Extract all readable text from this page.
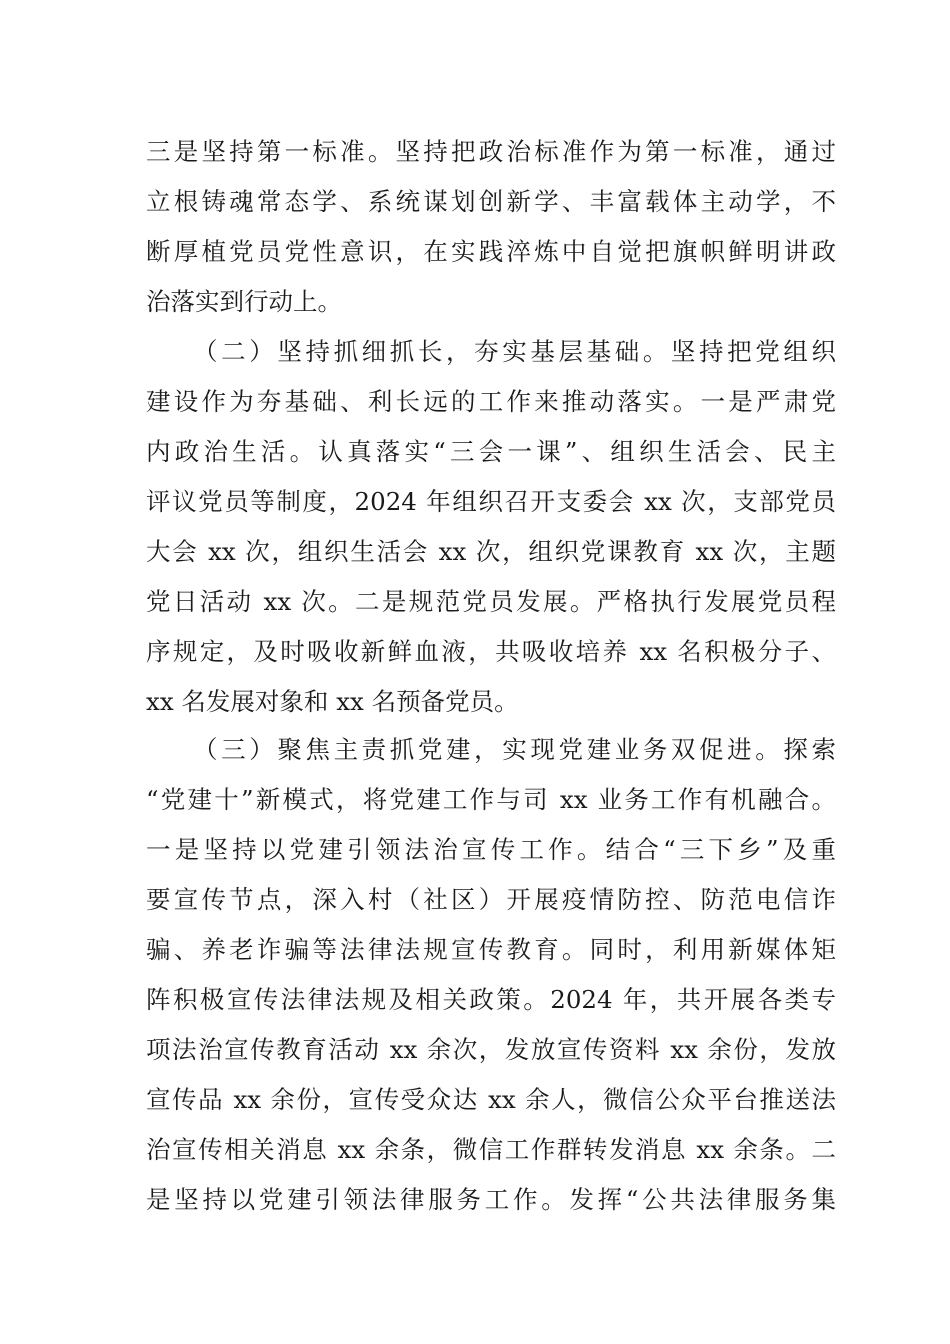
三是坚持第一标准。坚持把政治标准作为第一标准，通过
立根铸魂常态学、系统谋划创新学、丰富载体主动学，不
断厚植党员党性意识，在实践淬炼中自觉把旗帜鲜明讲政
治落实到行动上。
（二）坚持抓细抓长，夯实基层基础。坚持把党组织
建设作为夯基础、利长远的工作来推动落实。一是严肃党
内政治生活。认真落实“三会一课”、组织生活会、民主
评议党员等制度，2024 年组织召开支委会 xx 次，支部党员
大会 xx 次，组织生活会 xx 次，组织党课教育 xx 次，主题
党日活动 xx 次。二是规范党员发展。严格执行发展党员程
序规定，及时吸收新鲜血液，共吸收培养 xx 名积极分子、
xx 名发展对象和 xx 名预备党员。
（三）聚焦主责抓党建，实现党建业务双促进。探索
“党建十”新模式，将党建工作与司 xx 业务工作有机融合。
一是坚持以党建引领法治宣传工作。结合“三下乡”及重
要宣传节点，深入村（社区）开展疫情防控、防范电信诈
骗、养老诈骗等法律法规宣传教育。同时，利用新媒体矩
阵积极宣传法律法规及相关政策。2024 年，共开展各类专
项法治宣传教育活动 xx 余次，发放宣传资料 xx 余份，发放
宣传品 xx 余份，宣传受众达 xx 余人，微信公众平台推送法
治宣传相关消息 xx 余条，微信工作群转发消息 xx 余条。二
是坚持以党建引领法律服务工作。发挥“公共法律服务集
